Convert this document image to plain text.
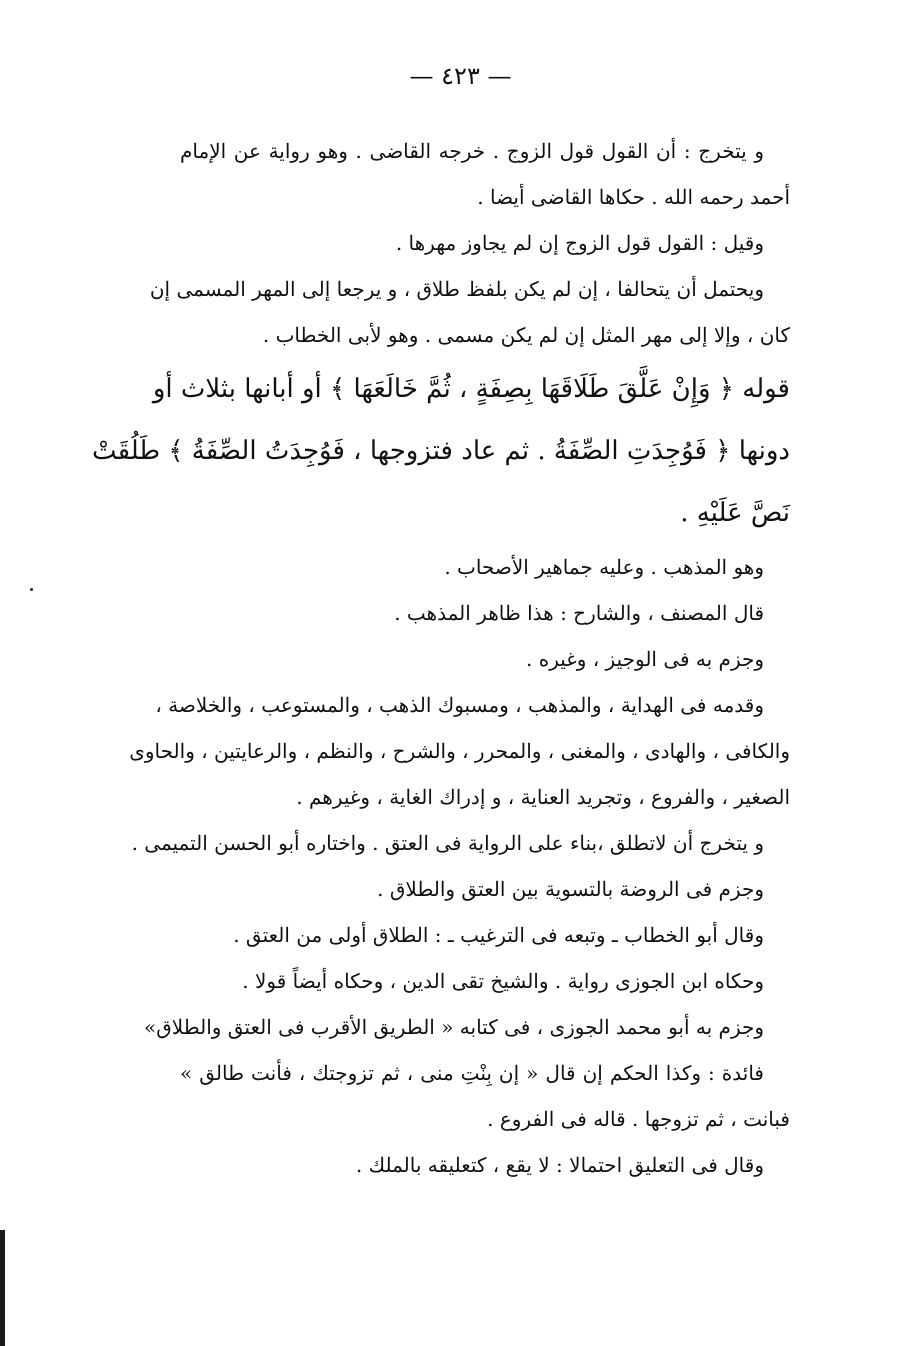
— ٤٢٣ —
و يتخرج : أن القول قول الزوج . خرجه القاضى . وهو رواية عن الإمام
أحمد رحمه الله . حكاها القاضى أيضا .
وقيل : القول قول الزوج إن لم يجاوز مهرها .
ويحتمل أن يتحالفا ، إن لم يكن بلفظ طلاق ، و يرجعا إلى المهر المسمى إن
كان ، وإلا إلى مهر المثل إن لم يكن مسمى . وهو لأبى الخطاب .
قوله ﴿ وَإِنْ عَلَّقَ طَلَاقَهَا بِصِفَةٍ ، ثُمَّ خَالَعَهَا ﴾ أو أبانها بثلاث أو
دونها ﴿ فَوُجِدَتِ الصِّفَةُ . ثم عاد فتزوجها ، فَوُجِدَتُ الصِّفَةُ ﴾ طَلُقَتْ
نَصَّ عَلَيْهِ .
وهو المذهب . وعليه جماهير الأصحاب .
قال المصنف ، والشارح : هذا ظاهر المذهب .
وجزم به فى الوجيز ، وغيره .
وقدمه فى الهداية ، والمذهب ، ومسبوك الذهب ، والمستوعب ، والخلاصة ،
والكافى ، والهادى ، والمغنى ، والمحرر ، والشرح ، والنظم ، والرعايتين ، والحاوى
الصغير ، والفروع ، وتجريد العناية ، و إدراك الغاية ، وغيرهم .
و يتخرج أن لاتطلق ،بناء على الرواية فى العتق . واختاره أبو الحسن التميمى .
وجزم فى الروضة بالتسوية بين العتق والطلاق .
وقال أبو الخطاب ـ وتبعه فى الترغيب ـ : الطلاق أولى من العتق .
وحكاه ابن الجوزى رواية . والشيخ تقى الدين ، وحكاه أيضاً قولا .
وجزم به أبو محمد الجوزى ، فى كتابه « الطريق الأقرب فى العتق والطلاق»
فائدة : وكذا الحكم إن قال « إن بِنْتِ منى ، ثم تزوجتك ، فأنت طالق »
فبانت ، ثم تزوجها . قاله فى الفروع .
وقال فى التعليق احتمالا : لا يقع ، كتعليقه بالملك .
